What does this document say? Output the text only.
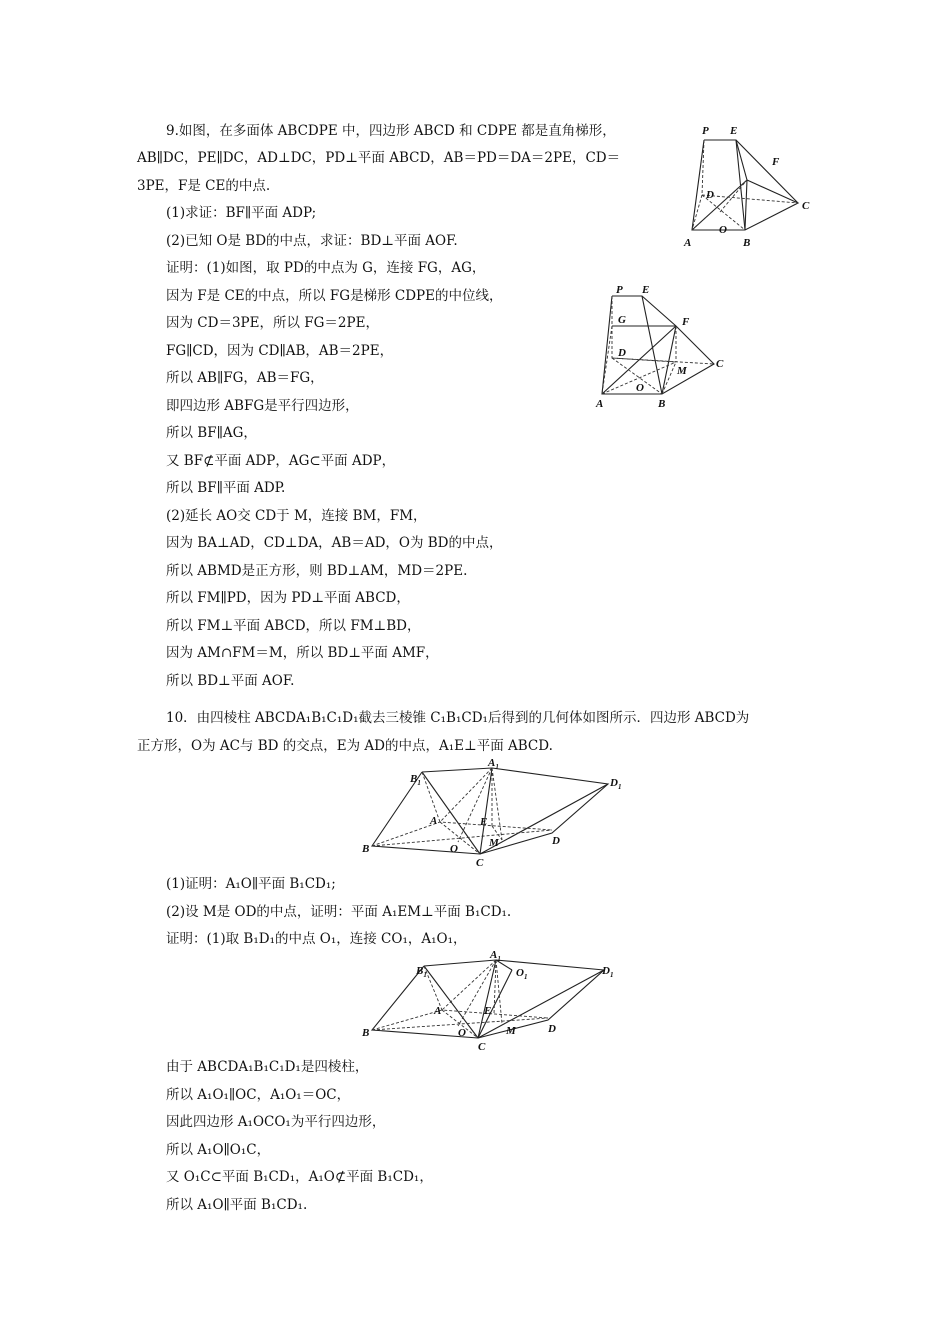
9.如图，在多面体 ABCDPE 中，四边形 ABCD 和 CDPE 都是直角梯形，
AB∥DC，PE∥DC，AD⊥DC，PD⊥平面 ABCD，AB＝PD＝DA＝2PE，CD＝
3PE，F是 CE的中点.
(1)求证：BF∥平面 ADP;
(2)已知 O是 BD的中点，求证：BD⊥平面 AOF.
证明：(1)如图，取 PD的中点为 G，连接 FG，AG，
因为 F是 CE的中点，所以 FG是梯形 CDPE的中位线，
因为 CD＝3PE，所以 FG＝2PE，
FG∥CD，因为 CD∥AB，AB＝2PE，
所以 AB∥FG，AB＝FG，
即四边形 ABFG是平行四边形，
所以 BF∥AG，
又 BF⊄平面 ADP，AG⊂平面 ADP，
所以 BF∥平面 ADP.
(2)延长 AO交 CD于 M，连接 BM，FM，
因为 BA⊥AD，CD⊥DA，AB＝AD，O为 BD的中点，
所以 ABMD是正方形，则 BD⊥AM，MD＝2PE.
所以 FM∥PD，因为 PD⊥平面 ABCD，
所以 FM⊥平面 ABCD，所以 FM⊥BD，
因为 AM∩FM＝M，所以 BD⊥平面 AMF，
所以 BD⊥平面 AOF.
P E
F
D
C
O
A	B
P E
G	F
D
C
M
O
A	B
10．由四棱柱 ABCDA₁B₁C₁D₁截去三棱锥 C₁B₁CD₁后得到的几何体如图所示．四边形 ABCD为
正方形，O为 AC与 BD 的交点，E为 AD的中点，A₁E⊥平面 ABCD.
$A_1$
$B_1$	$D_1$
A	E
B	O	M
C
D
(1)证明：A₁O∥平面 B₁CD₁;
(2)设 M是 OD的中点，证明：平面 A₁EM⊥平面 B₁CD₁.
证明：(1)取 B₁D₁的中点 O₁，连接 CO₁，A₁O₁，
$A_1$
$B_1$	$D_1$
$O_1$
A	E
B	O	M
C
D
由于 ABCDA₁B₁C₁D₁是四棱柱，
所以 A₁O₁∥OC，A₁O₁＝OC，
因此四边形 A₁OCO₁为平行四边形，
所以 A₁O∥O₁C，
又 O₁C⊂平面 B₁CD₁，A₁O⊄平面 B₁CD₁，
所以 A₁O∥平面 B₁CD₁.
